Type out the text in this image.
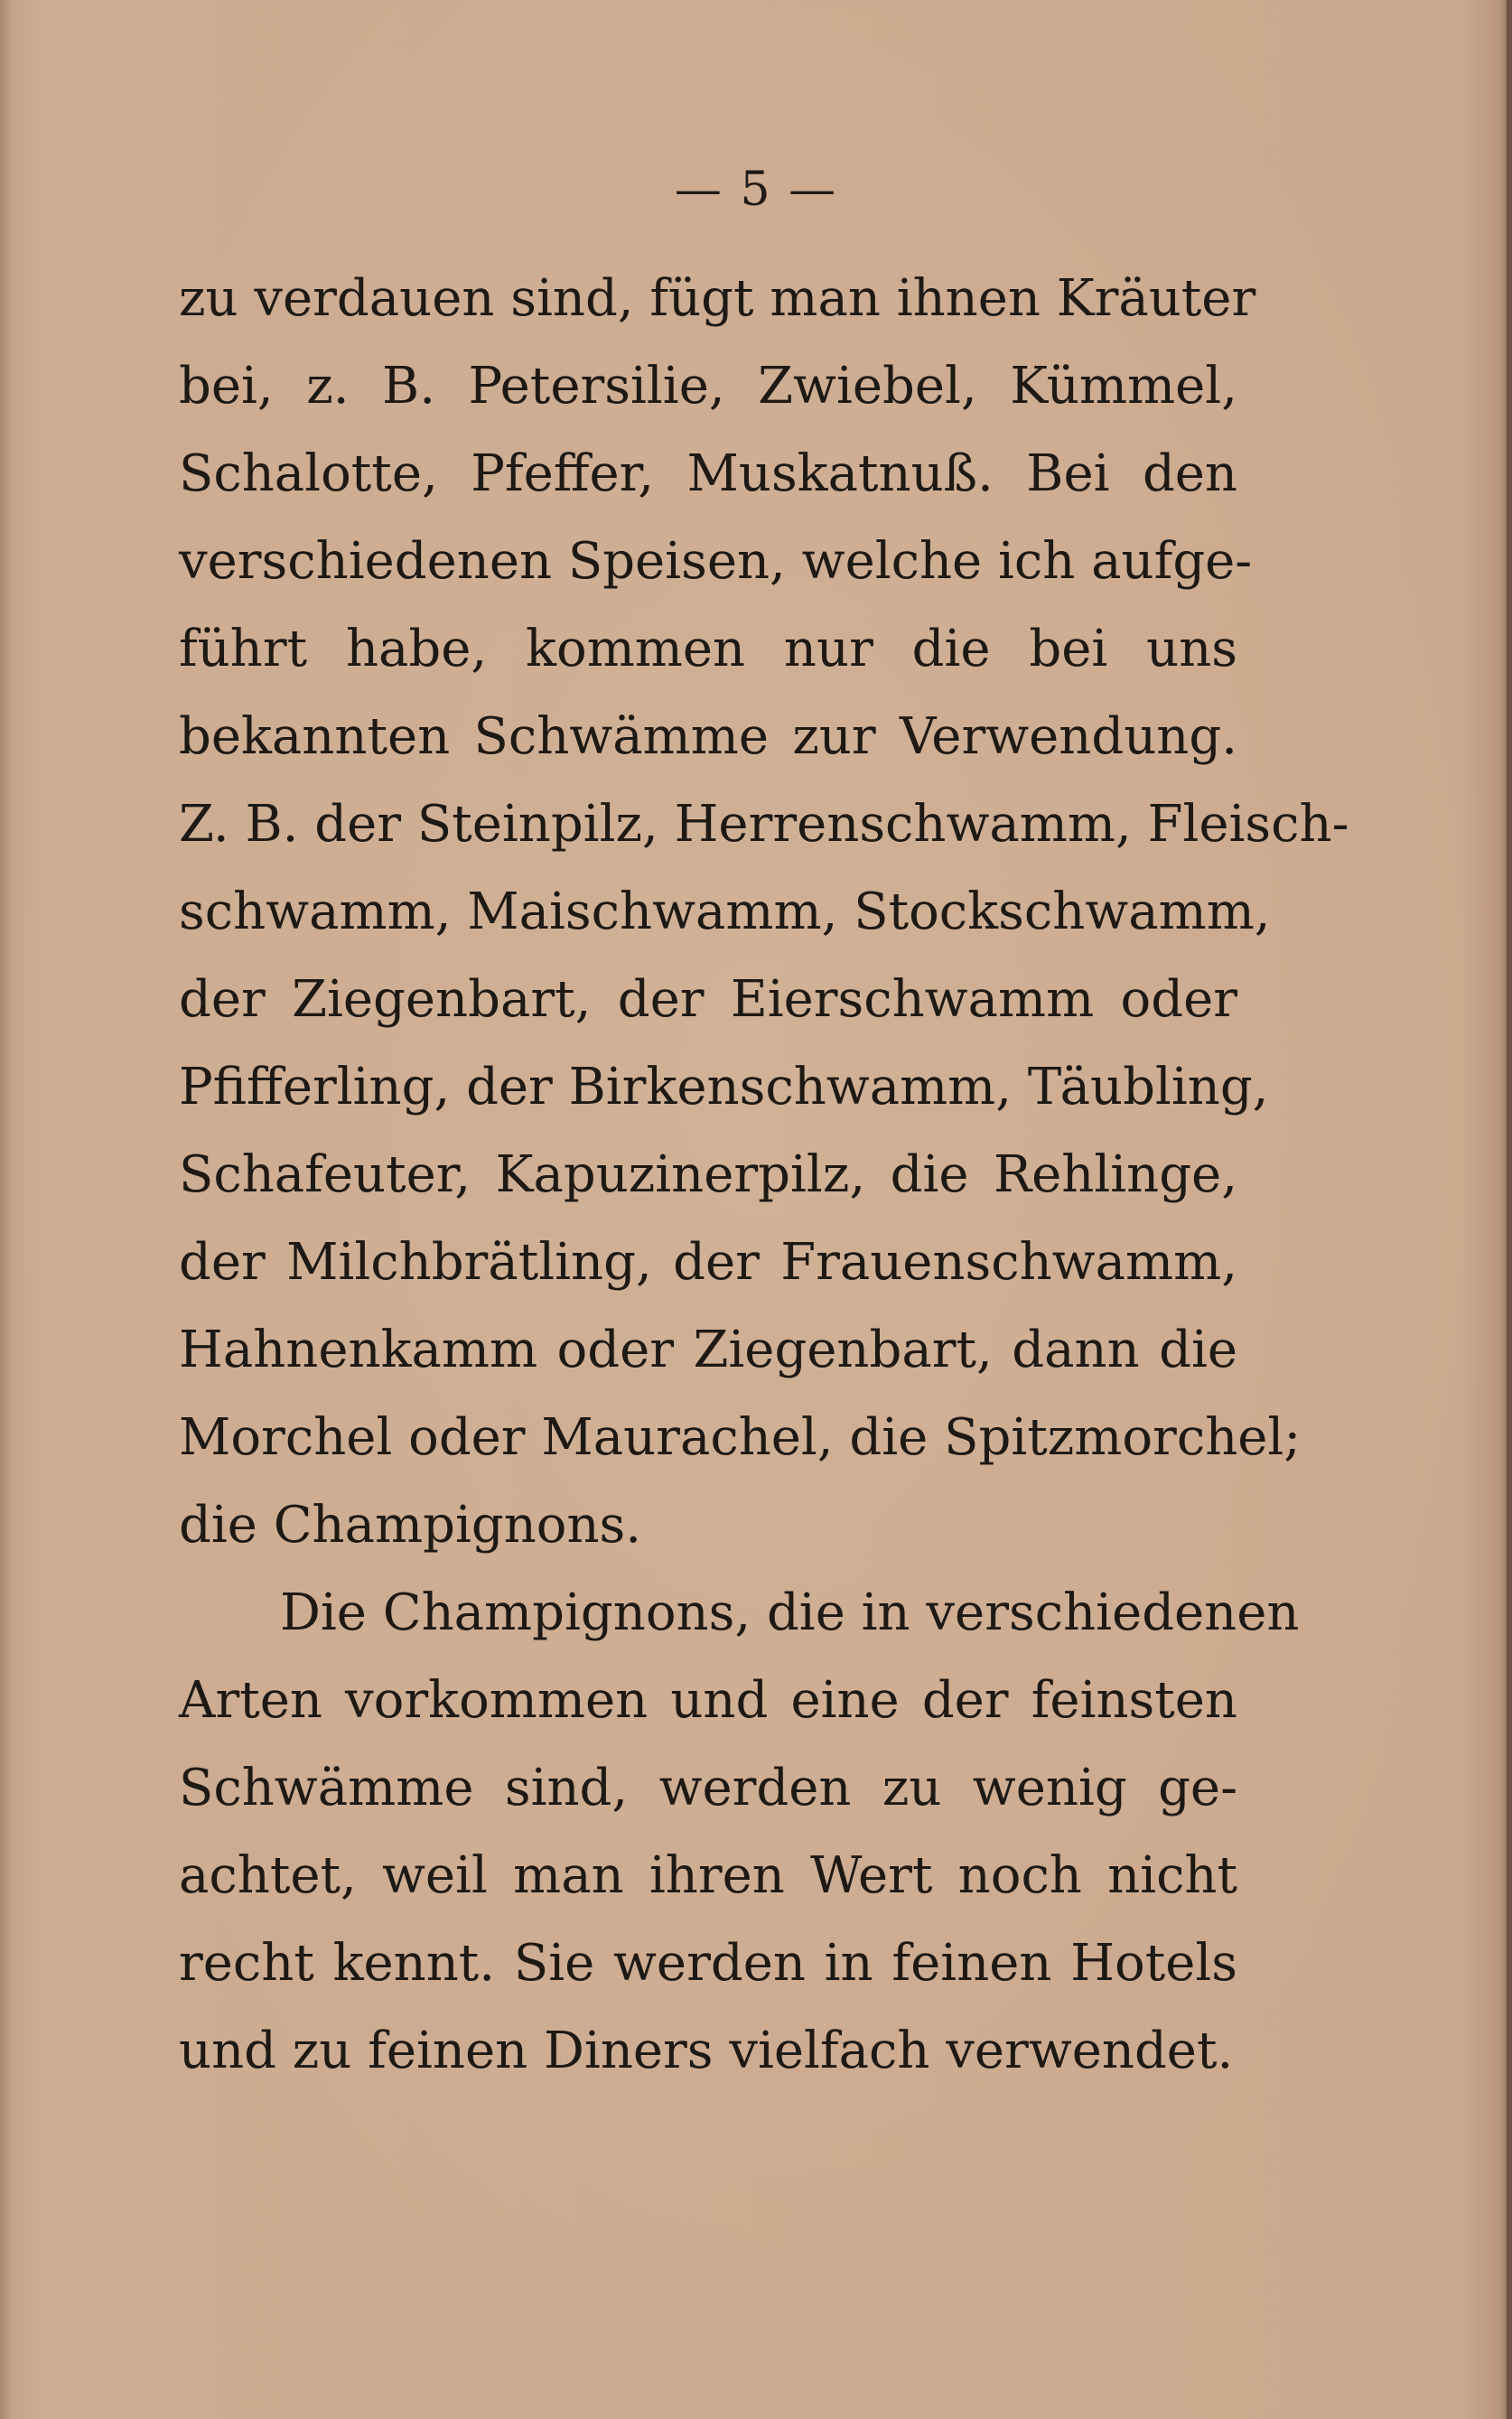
— 5 —

zu verdauen sind, fügt man ihnen Kräuter
bei, z. B. Petersilie, Zwiebel, Kümmel,
Schalotte, Pfeffer, Muskatnuß. Bei den
verschiedenen Speisen, welche ich aufge-
führt habe, kommen nur die bei uns
bekannten Schwämme zur Verwendung.
Z. B. der Steinpilz, Herrenschwamm, Fleisch-
schwamm, Maischwamm, Stockschwamm,
der Ziegenbart, der Eierschwamm oder
Pfifferling, der Birkenschwamm, Täubling,
Schafeuter, Kapuzinerpilz, die Rehlinge,
der Milchbrätling, der Frauenschwamm,
Hahnenkamm oder Ziegenbart, dann die
Morchel oder Maurachel, die Spitzmorchel;
die Champignons.
Die Champignons, die in verschiedenen
Arten vorkommen und eine der feinsten
Schwämme sind, werden zu wenig ge-
achtet, weil man ihren Wert noch nicht
recht kennt. Sie werden in feinen Hotels
und zu feinen Diners vielfach verwendet.
